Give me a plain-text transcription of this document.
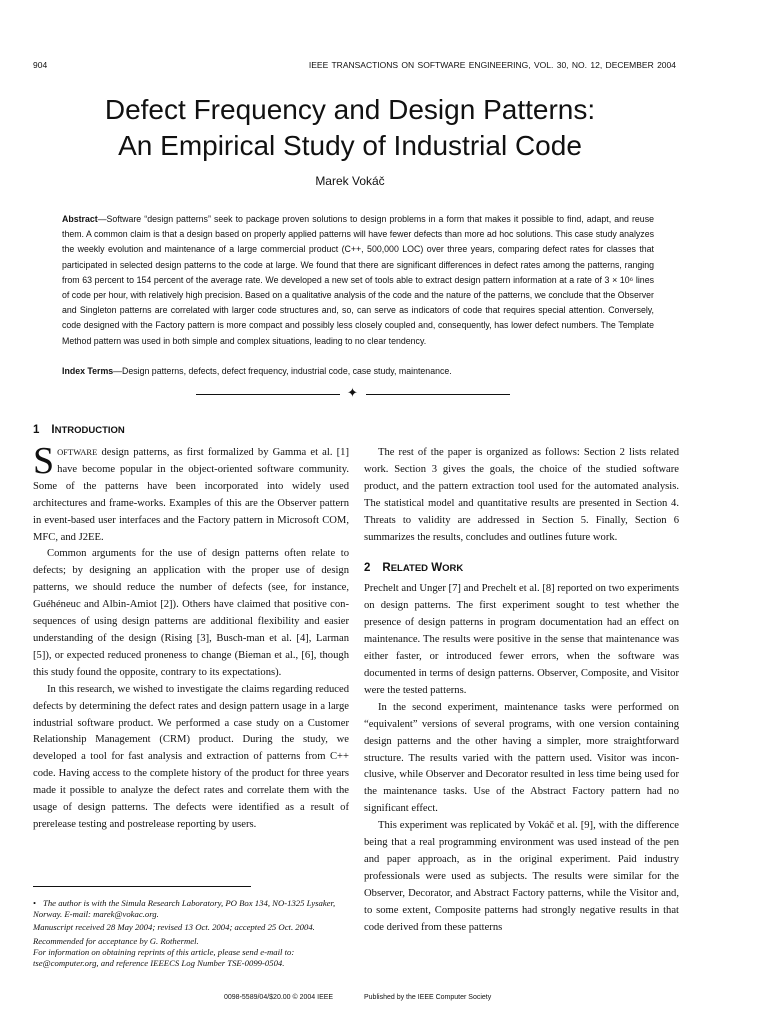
904	IEEE TRANSACTIONS ON SOFTWARE ENGINEERING, VOL. 30, NO. 12, DECEMBER 2004
Defect Frequency and Design Patterns:
An Empirical Study of Industrial Code
Marek Vokáč
Abstract—Software “design patterns” seek to package proven solutions to design problems in a form that makes it possible to find, adapt, and reuse them. A common claim is that a design based on properly applied patterns will have fewer defects than more ad hoc solutions. This case study analyzes the weekly evolution and maintenance of a large commercial product (C++, 500,000 LOC) over three years, comparing defect rates for classes that participated in selected design patterns to the code at large. We found that there are significant differences in defect rates among the patterns, ranging from 63 percent to 154 percent of the average rate. We developed a new set of tools able to extract design pattern information at a rate of 3 × 10⁶ lines of code per hour, with relatively high precision. Based on a qualitative analysis of the code and the nature of the patterns, we conclude that the Observer and Singleton patterns are correlated with larger code structures and, so, can serve as indicators of code that requires special attention. Conversely, code designed with the Factory pattern is more compact and possibly less closely coupled and, consequently, has lower defect numbers. The Template Method pattern was used in both simple and complex situations, leading to no clear tendency.
Index Terms—Design patterns, defects, defect frequency, industrial code, case study, maintenance.
✦
1 INTRODUCTION

SOFTWARE design patterns, as first formalized by Gamma et al. [1] have become popular in the object-oriented software community. Some of the patterns have been incorporated into widely used architectures and frame-works. Examples of this are the Observer pattern in event-based user interfaces and the Factory pattern in Microsoft COM, MFC, and J2EE.

Common arguments for the use of design patterns often relate to defects; by designing an application with the proper use of design patterns, we should reduce the number of defects (see, for instance, Guéhéneuc and Albin-Amiot [2]). Others have claimed that positive con-sequences of using design patterns are additional flexibility and easier understanding of the design (Rising [3], Busch-man et al. [4], Larman [5]), or expected reduced proneness to change (Bieman et al., [6], though this study found the opposite, contrary to its expectations).

In this research, we wished to investigate the claims regarding reduced defects by determining the defect rates and design pattern usage in a large industrial software product. We performed a case study on a Customer Relationship Management (CRM) product. During the study, we developed a tool for fast analysis and extraction of patterns from C++ code. Having access to the complete history of the product for three years made it possible to analyze the defect rates and correlate them with the usage of design patterns. The defects were identified as a result of prerelease testing and postrelease reporting by users.

The rest of the paper is organized as follows: Section 2 lists related work. Section 3 gives the goals, the choice of the studied software product, and the pattern extraction tool used for the automated analysis. The statistical model and quantitative results are presented in Section 4. Threats to validity are addressed in Section 5. Finally, Section 6 summarizes the results, concludes and outlines future work.

2 RELATED WORK

Prechelt and Unger [7] and Prechelt et al. [8] reported on two experiments on design patterns. The first experiment sought to test whether the presence of design patterns in program documentation had an effect on maintenance. The results were positive in the sense that maintenance was either faster, or introduced fewer errors, when the software was documented in terms of design patterns. Observer, Composite, and Visitor were the tested patterns.

In the second experiment, maintenance tasks were performed on “equivalent” versions of several programs, with one version containing design patterns and the other having a simpler, more straightforward structure. The results varied with the pattern used. Visitor was incon-clusive, while Observer and Decorator resulted in less time being used for the maintenance tasks. Use of the Abstract Factory pattern had no significant effect.

This experiment was replicated by Vokáč et al. [9], with the difference being that a real programming environment was used instead of the pen and paper approach, as in the original experiment. Paid industry professionals were used as subjects. The results were similar for the Observer, Decorator, and Abstract Factory patterns, while the Visitor and, to some extent, Composite patterns had strongly negative results in that code derived from these patterns

• The author is with the Simula Research Laboratory, PO Box 134, NO-1325 Lysaker, Norway. E-mail: marek@vokac.org.

Manuscript received 28 May 2004; revised 13 Oct. 2004; accepted 25 Oct. 2004.

Recommended for acceptance by G. Rothermel.

For information on obtaining reprints of this article, please send e-mail to: tse@computer.org, and reference IEEECS Log Number TSE-0099-0504.

0098-5589/04/$20.00 © 2004 IEEE	Published by the IEEE Computer Society
